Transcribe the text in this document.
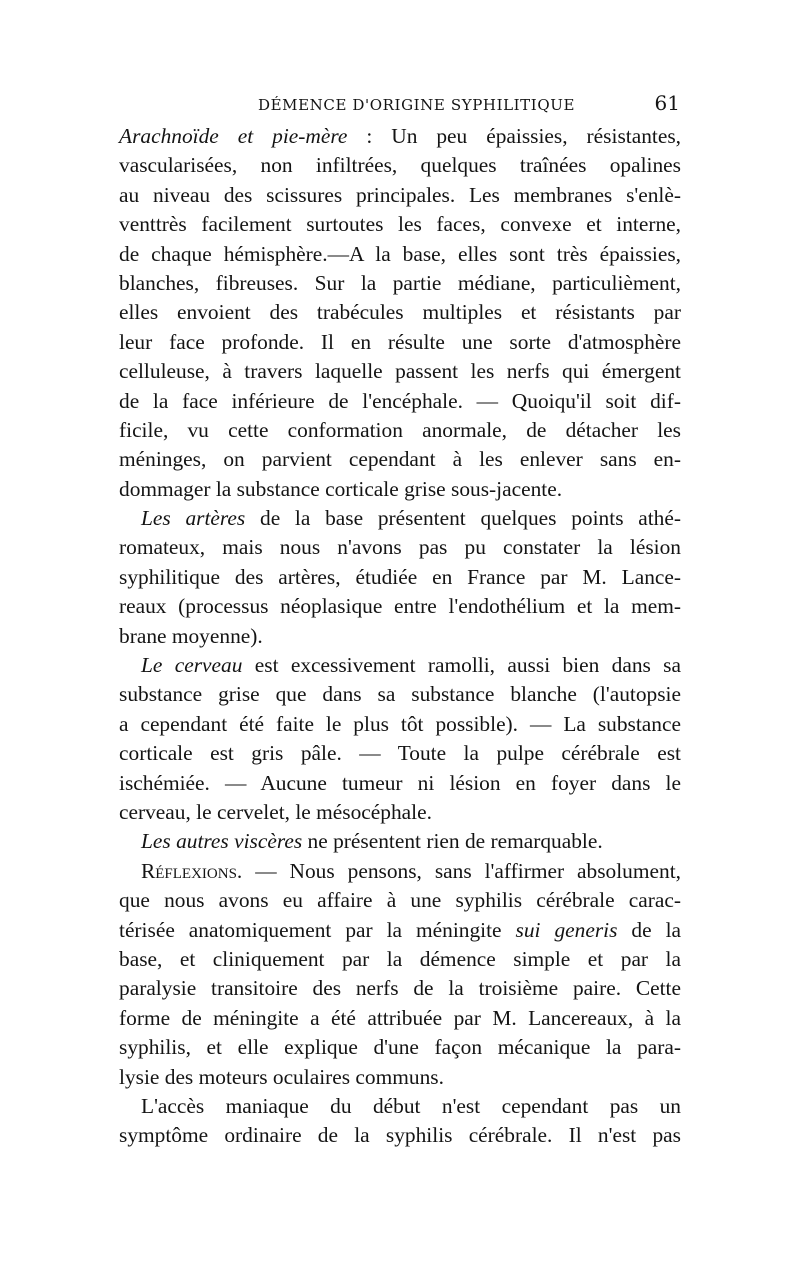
DÉMENCE D'ORIGINE SYPHILITIQUE	61
Arachnoïde et pie-mère : Un peu épaissies, résistantes,
vascularisées, non infiltrées, quelques traînées opalines
au niveau des scissures principales. Les membranes s'enlè-
venttrès facilement surtoutes les faces, convexe et interne,
de chaque hémisphère.—A la base, elles sont très épaissies,
blanches, fibreuses. Sur la partie médiane, particulièment,
elles envoient des trabécules multiples et résistants par
leur face profonde. Il en résulte une sorte d'atmosphère
celluleuse, à travers laquelle passent les nerfs qui émergent
de la face inférieure de l'encéphale. — Quoiqu'il soit dif-
ficile, vu cette conformation anormale, de détacher les
méninges, on parvient cependant à les enlever sans en-
dommager la substance corticale grise sous-jacente.
Les artères de la base présentent quelques points athé-
romateux, mais nous n'avons pas pu constater la lésion
syphilitique des artères, étudiée en France par M. Lance-
reaux (processus néoplasique entre l'endothélium et la mem-
brane moyenne).
Le cerveau est excessivement ramolli, aussi bien dans sa
substance grise que dans sa substance blanche (l'autopsie
a cependant été faite le plus tôt possible). — La substance
corticale est gris pâle. — Toute la pulpe cérébrale est
ischémiée. — Aucune tumeur ni lésion en foyer dans le
cerveau, le cervelet, le mésocéphale.
Les autres viscères ne présentent rien de remarquable.
Réflexions. — Nous pensons, sans l'affirmer absolument,
que nous avons eu affaire à une syphilis cérébrale carac-
térisée anatomiquement par la méningite sui generis de la
base, et cliniquement par la démence simple et par la
paralysie transitoire des nerfs de la troisième paire. Cette
forme de méningite a été attribuée par M. Lancereaux, à la
syphilis, et elle explique d'une façon mécanique la para-
lysie des moteurs oculaires communs.
L'accès maniaque du début n'est cependant pas un
symptôme ordinaire de la syphilis cérébrale. Il n'est pas
